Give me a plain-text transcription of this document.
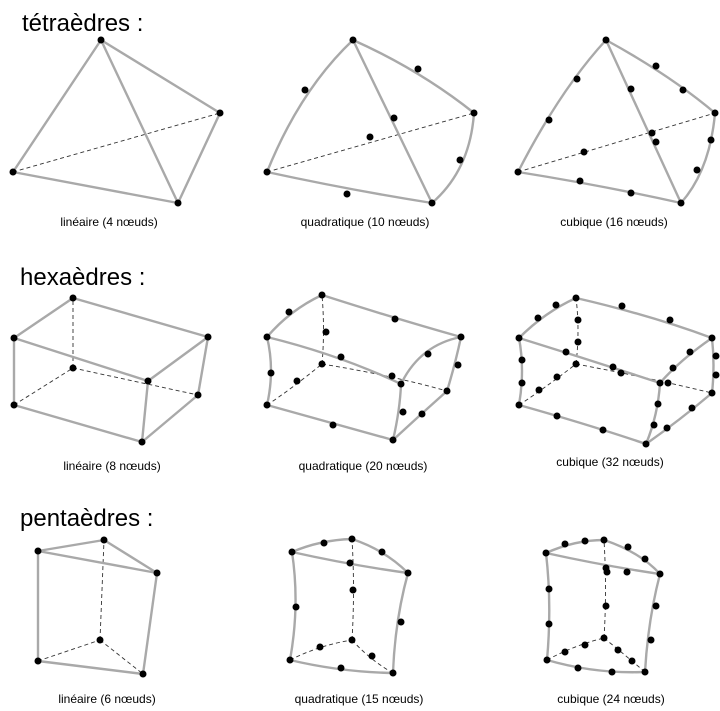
tétraèdres :
hexaèdres :
pentaèdres :
linéaire (4 nœuds)	quadratique (10 nœuds)	cubique (16 nœuds)
linéaire (8 nœuds)	quadratique (20 nœuds)	cubique (32 nœuds)
linéaire (6 nœuds)	quadratique (15 nœuds)	cubique (24 nœuds)
